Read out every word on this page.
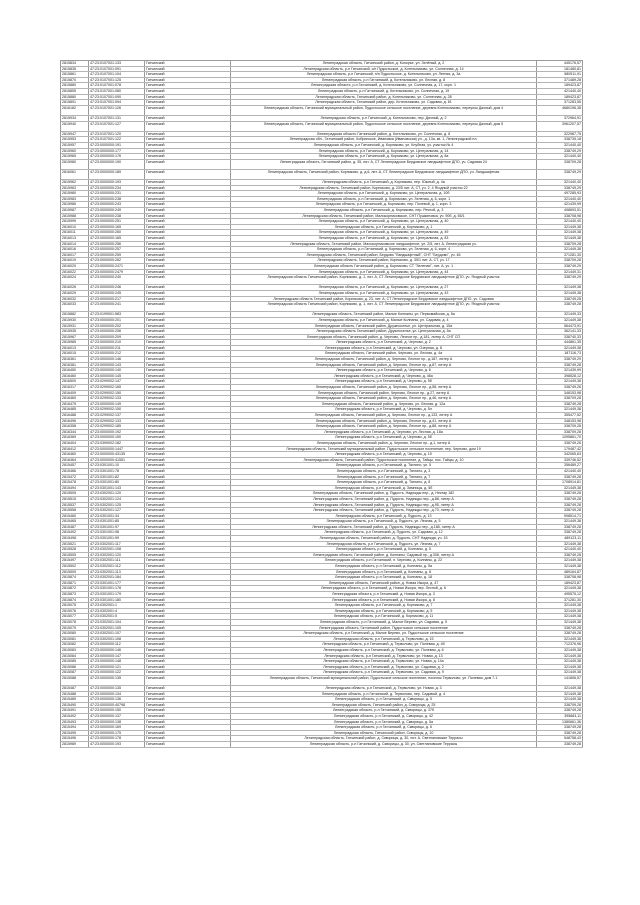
2815834	47:23:0107001:133	Гатчинский	Ленинградская область, Гатчинский район, д. Копорье, ул. Зелёный, д. 2	445176,57
2815835	47:23:0107001:091	Гатчинский	Ленинградская область, р-н Гатчинский, с/п Пудостьское, д. Котельниково, ул. Солнечная, д. 14	181480,81
2815861	47:23:0107001:104	Гатчинский	Ленинградская область, р-н Гатчинский, п/п Пудостьское, д. Котельниково, ул. Летняя, д. 3а	580511,91
2815870	47:23:0107001:125	Гатчинский	Ленинградская область, р-н Гатчинский, д. Котельниково, ул. Лесная, д. 8	371489,28
2815880	47:23:0107001:078	Гатчинский	Ленинградская область, р-н Гатчинский, д. Котельниково, ул. Солнечная, д. 17, корп. 1	189423,87
2815855	47:23:0107001:080	Гатчинский	Ленинградская область, р-н Гатчинский, д. Котельниково, ул. Солнечная, д. 19	421440,40
2815880	47:23:0107001:090	Гатчинский	Ленинградская область, Гатчинский район, д. Котельниково, ул. Солнечная, д. 28	189423,87
2815891	47:23:0107001:094	Гатчинский	Ленинградская область, Гатчинский район, дер. Котельниково, ул. Садовая, д. 61	371283,55
2816182	47:23:0107001:126	Гатчинский	Ленинградская область, Гатчинский муниципальный район, Пудостьское сельское поселение, деревня Котельниково, переулок Дачный, дом 4	4680196,38
2815934	47:23:0107001:131	Гатчинский	Ленинградская область, р-н Гатчинский, д. Котельниково, пер. Дачный, д. 2	372964,91
2815940	47:23:0107001:127	Гатчинский	Ленинградская область, Гатчинский муниципальный район, Пудостьское сельское поселение, деревня Котельниково, переулок Дачный, дом 5	3961207,57
2815947	47:23:0107001:120	Гатчинский	Ленинградская область Гатчинский район, д. Котельниково, ул. Солнечная, д. 8	322987,75
2815953	47:23:0107001:122	Гатчинский	Ленинградская обл., Гатчинский район, Кобринское, Ивановка (Ивановская) ул., д. 13а, кв. 1, Ленинградской пл.	338739,18
2815957	47:23:0000000:191	Гатчинский	Ленинградская область, р-н Гатчинский, д. Корпиково, ул. Клубная, уч. участок № 4	321440,40
2815960	47:23:0000000:177	Гатчинский	Ленинградская область, р-н Гатчинский, д. Корпиково, ул. Центральная, д. 14	338749,29
2815965	47:23:0000000:176	Гатчинский	Ленинградская область, р-н Гатчинский, д. Корпиково, ул. Центральная, д. 8а	321440,40
2815980	47:23:0000000:190	Гатчинский	Ленинградская область, Гатчинский район, д. 35, лит. А, СТ Ленинградское Бердовское ландшафтное ДПО, уч. Садовая 24	338709,28
2816061	47:23:0000000:189	Гатчинский	Ленинградская область, Гатчинский район, Корпиково, д. д.6, лит. А, СТ Ленинградское Бердовское ландшафтное ДПО, уч. Ландшафтная	338749,29
2815962	47:23:0000000:193	Гатчинский	Ленинградская область, р-н Гатчинский, д. Корпиково, пер. Южный, д. 4а	321440,40
2815963	47:23:0000000:234	Гатчинский	Ленинградская область, Гатчинский район, Корпиково, д. 23/5 лит. А, СТ, уч. 2, 4 Ягодный участок 22	338749,29
2815980	47:23:0000000:231	Гатчинский	Ленинградская область, р-н Гатчинский, д. Корпиково, ул. Центральная, д. 10б	497285,93
2815983	47:23:0000000:238	Гатчинский	Ленинградская область, р-н Гатчинский, д. Корпиково, ул. Зеленая, д. 6, корп. 1	321440,40
2815985	47:23:0000000:243	Гатчинский	Ленинградская область, р-н Гатчинский, д. Корпиково, пер. Полевой, д. 1, корп. 3	421439,99
2815987	47:23:0000000:249	Гатчинский	Ленинградская область, р-н Гатчинский, д. Корпиково, пер. Речной, д. 3	498693,51
2815988	47:23:0000000:238	Гатчинский	Ленинградская область, Гатчинский район, Малокорпиковское, СНТ Пушкиновка, уч. 90б, д. 65/1	338708,98
2815999	47:23:0000000:251	Гатчинский	Ленинградская область, р-н Гатчинский, д. Корпиково, ул. Центральная, д. 40	321440,40
2816010	47:23:0000000:165	Гатчинский	Ленинградская область, р-н Гатчинский, д. Корпиково, д. 1	321449,38
2816011	47:23:0000000:260	Гатчинский	Ленинградская область, р-н Гатчинский, д. Корпиково, ул. Центральная, д. 49	321449,38
2816013	47:23:0000000:165	Гатчинский	Ленинградская область, р-н Гатчинский, д. Корпиково, ул. Центральная, д. 83	321449,38
2816014	47:23:0000000:256	Гатчинский	Ленинградская область, Гатчинский район, Малокорпиковское ландшафтное, ул. 2/5, лит. А, Ленинградская уч.	338709,28
2816016	47:23:0000000:257	Гатчинский	Ленинградская область, р-н Гатчинский, д. Корпиково, ул. Зеленая, д. 6, корп. 4	321449,38
2816017	47:23:0000000:259	Гатчинский	Ленинградская область, Гатчинский район, Бердово "Ландшафтный", СНТ "Бердово", уч. 46	371281,30
2816019	47:23:0000000:262	Гатчинский	Ленинградская область, Гатчинский район, Корпиково, д. 35/1 лит. А, СТ, уч. 17	338709,28
2816020	47:23:0000000:2471	Гатчинский	Ленинградская область Гатчинский район, д. Корпиково, СТ "Зеленая", лит. А, уч. 1	338749,29
2816022	47:23:0000000:2479	Гатчинский	Ленинградская область, р-н Гатчинский, д. Корпиково, ул. Центральная, д. 44	321449,31
2816024	47:23:0000000:240	Гатчинский	Ленинградская область Гатчинский район, Корпиково, д. 1, лит. А, СТ Ленинградское Бердовское ландшафтное ДПО, уч. Ягодный участок	338749,29
2816026	47:23:0000000:246	Гатчинский	Ленинградская область, р-н Гатчинский, д. Корпиково, ул. Центральная, д. 27	321449,38
2816029	47:23:0000000:245	Гатчинский	Ленинградская область, р-н Гатчинский, д. Корпиково, ул. Центральная, д. 43	321449,38
2816032	47:23:0000000:217	Гатчинский	Ленинградская область Гатчинский район, Корпиково, д. 23, лит. А, СТ Ленинградское Бердовское ландшафтное ДПО, уч. Садовая	338749,28
2816033	47:23:0000000:241	Гатчинский	Ленинградская область Гатчинский район, Корпиково, д. 1, лит. А, СТ Ленинградское Бердовское ландшафтное ДПО, уч. Ягодный участок	338749,28
2815882	47:23:0199001:583	Гатчинский	Ленинградская область, Гатчинский район, Малые Колпаны, ул. Первомайская, д. 5а	321449,33
2815930	47:23:0000000:201	Гатчинский	Ленинградская область, р-н Гатчинский, д. Малые Колпаны, ул. Садовая, д. 4	321449,38
2815931	47:23:0000000:202	Гатчинский	Ленинградская область, Гатчинский район, Дружноселье, ул. Центральная, д. 15а	564473,91
2815935	47:23:0000000:206	Гатчинский	Ленинградская область Гатчинский район, Дружноселье, ул. Центральная, д. 5а	362141,33
2815967	47:23:0000000:209	Гатчинский	Ленинградская область, Гатчинский район, д. Черново, Лесное пр., д.181, литер А, СНТ СП	338740,33
2815985	47:23:0000000:210	Гатчинский	Ленинградская область, р-н Гатчинский, д. Черново, д. 2	444861,35
2816013	47:23:0000000:211	Гатчинский	Ленинградская область, р-н Гатчинский, д. Черново, ул. Озерная, д. 8	321449,38
2816015	47:23:0000000:212	Гатчинский	Ленинградская область, Гатчинский район, Черново, ул. Лесная, д. 4а	187116,73
2816361	47:23:0000000:146	Гатчинский	Ленинградская область, Гатчинский район, д. Черново, Лесное пр., д.187, литер А	338749,29
2816381	47:23:0000000:143	Гатчинский	Ленинградская область, Гатчинский район, д. Черново, Лесное пр., д.87, литер А	338749,28
2816450	47:23:0000000:140	Гатчинский	Ленинградская область, р-н Гатчинский, д. Черново, д. 6	321439,99
2816460	47:23:0000000:145	Гатчинский	Ленинградская область, р-н Гатчинский, д. Черново, д. 46а	398528,12
2816500	47:23:0299002:147	Гатчинский	Ленинградская область, р-н Гатчинский, д. Черново, д. 5б	321449,38
2816317	47:23:0299002:165	Гатчинский	Ленинградская область, Гатчинский район, д. Черново, Лесное пр., д.58, литер А	338749,26
2816409	47:23:0299002:150	Гатчинский	Ленинградская область, Гатчинский район, Черново, Лесное пр., д.27, литер А	348153,98
2816460	47:23:0299002:133	Гатчинский	Ленинградская область, Гатчинский район, д. Черново, Лесное пр., д.46, литер А	338709,28
2816479	47:23:0000000:149	Гатчинский	Ленинградская область, Гатчинский район, д. Черново, ул. Лесная, д. 12а	338749,28
2816485	47:23:0299002:150	Гатчинский	Ленинградская область, р-н Гатчинский, д. Черново, д. 5л	321449,38
2816488	47:23:0299002:137	Гатчинский	Ленинградская область, Гатчинский район, д. Черново, Лесное пр., д.133, литер А	355477,52
2816496	47:23:0299002:133	Гатчинский	Ленинградская область, Гатчинский район, д. Черново, Лесное пр., д.41, литер А	348153,98
2816358	47:23:0299002:185	Гатчинский	Ленинградская область, Гатчинский район, д. Черново, Лесное пр., д.88, литер А	338709,28
2816344	47:23:0000000:192	Гатчинский	Ленинградская область, р-н Гатчинский, д. Черново, ул. Лесная, д. 18а	338709,28
2816369	47:23:0000000:150	Гатчинский	Ленинградская область, р-н Гатчинский, д. Черново, д. 5б	1095861,70
2816404	47:23:0399002:182	Гатчинский	Ленинградская область, Гатчинский район, д. Черново, Лесное пр., д.1, литер А	338749,26
2816412	47:23:0000000:1447	Гатчинский	Ленинградская область, Гатчинский муниципальный район, Пудостьское сельское поселение, пер. Черново, дом 19	179487,42
2816460	47:23:0000000:43135	Гатчинский	Ленинградская область, р-н Гатчинский, д. Черново, д. 15	342065,63
2816464	47:23:0000000:41551	Гатчинский	Ленинградская область, Гатчинский район, Пудостьское поселение, д. Тайцы, пос. Тайцы, д. 10	339746,52
2815457	47:23:0301001:10	Гатчинский	Ленинградская область, р-н Гатчинский, д. Тяглино, ул. 5	356489,27
2815466	47:23:0301001:78	Гатчинский	Ленинградская область, р-н Гатчинский, д. Тяглино, д. 3	421440,40
2815472	47:23:0301001:82	Гатчинский	Ленинградская область, р-н Гатчинский, д. Тяглино, д. 7	338749,28
2815478	47:23:0301001:80	Гатчинский	Ленинградская область, р-н Гатчинский, д. Тяглино, д. 8	1708914,81
2815494	47:23:0301001:143	Гатчинский	Ленинградская область, р-н Гатчинский, д. Зимницы, д. 5б	321449,38
2815505	47:23:0302001:120	Гатчинский	Ленинградская область, Гатчинский район, д. Пудость, Надежды пер., д. Нектар 182	338749,28
2815515	47:23:0302001:124	Гатчинский	Ленинградская область, Гатчинский район, д. Пудость, Надежды пер., д.88, литер А	338749,28
2815537	47:23:0302001:125	Гатчинский	Ленинградская область, Гатчинский район, д. Пудость, Надежды пер., д.95, литер А	338749,28
2815558	47:23:0302001:127	Гатчинский	Ленинградская область, Гатчинский район, д. Пудость, Надежды пер., д.70, литер А	338749,28
2815460	47:23:0301001:34	Гатчинский	Ленинградская область, р-н Гатчинский, д. Пудость, д. 13	908514,71
2815465	47:23:0301001:85	Гатчинский	Ленинградская область, р-н Гатчинский, д. Пудость, ул. Лесная, д. 5	321449,38
2815487	47:23:0301001:97	Гатчинский	Ленинградская область, Гатчинский район, д. Пудость, Надежды пер., д.168, литер А	338749,28
2815492	47:23:0301001:98	Гатчинский	Ленинградская область, р-н Гатчинский, д. Пудость, ул. Садовая, д. 12	338749,28
2815498	47:23:0301001:99	Гатчинский	Ленинградская область, Гатчинский район, д. Пудость, СНТ Надежда, уч. 15	489123,11
2815521	47:23:0302001:117	Гатчинский	Ленинградская область, р-н Гатчинский, д. Пудость, ул. Лесная, д. 7	321449,38
2815528	47:23:0302001:108	Гатчинский	Ленинградская область, р-н Гатчинский, д. Колпаны, д. 5	421440,40
2815505	47:23:0302001:120	Гатчинский	Ленинградская область, Гатчинский район, д. Колпаны, Садовый пр., д.308, литер А	338749,28
2815497	47:23:0302001:111	Гатчинский	Ленинградская область, р-н Гатчинский, п. Черново, д. Колпаны, д. 22	321449,38
2815502	47:23:0302001:112	Гатчинский	Ленинградская область, р-н Гатчинский, д. Колпаны, д. 5а	321449,38
2815509	47:23:0302001:113	Гатчинский	Ленинградская область, р-н Гатчинский, д. Колпаны, д. 8	489164,87
2815874	47:23:0302001:184	Гатчинский	Ленинградская область, р-н Гатчинский, д. Колпаны, д. 18	338708,98
2815871	47:23:0301001:177	Гатчинский	Ленинградская область, Гатчинский район, д. Новая Ижора, д. 47	189423,87
2815872	47:23:0301001:178	Гатчинский	Ленинградская область, р-н Гатчинский, д. Новая Ижора, пер. Лесной, д. 6	321449,38
2815873	47:23:0301001:179	Гатчинский	Ленинградская область, р-н Гатчинский, д. Новая Ижора, д. 3	495575,12
2815874	47:23:0301001:180	Гатчинский	Ленинградская область, р-н Гатчинский, д. Новая Ижора, д. 8	371281,30
2815075	47:23:0302001:1	Гатчинский	Ленинградская область, р-н Гатчинский, д. Корпиково, д. 7	321449,38
2815076	47:23:0302001:4	Гатчинский	Ленинградская область, р-н Гатчинский, д. Корпиково, д. 5	321449,38
2815077	47:23:0302001:5	Гатчинский	Ленинградская область, р-н Гатчинский, д. Корпиково, д. 11	321449,38
2815078	47:23:0302001:104	Гатчинский	Ленинградская область, р-н Гатчинский, д. Малое Верево, ул. Садовая, д. 5	321449,38
2815079	47:23:0302001:105	Гатчинский	Ленинградская область, Гатчинский район, Пудостьское сельское поселение	338749,28
2815080	47:23:0302001:107	Гатчинский	Ленинградская область, р-н Гатчинский, д. Малое Верево, ул. Пудостьское сельское поселение	338749,28
2815081	47:23:0302001:108	Гатчинский	Ленинградская область, р-н Гатчинский, д. Терволово, д. 15	321449,38
2815082	47:23:0000000:112	Гатчинский	Ленинградская область, р-н Гатчинский, д. Терволово, ул. Полевая, д. 4б	712376,96
2815083	47:23:0000000:146	Гатчинский	Ленинградская область, р-н Гатчинский, д. Терволово, ул. Полевая, д. 6	321449,38
2815084	47:23:0000000:147	Гатчинский	Ленинградская область, р-н Гатчинский, д. Терволово, ул. Новая, д. 13	321449,38
2815085	47:23:0000000:148	Гатчинский	Ленинградская область, р-н Гатчинский, д. Терволово, ул. Новая, д. 14а	321449,38
2815086	47:23:0000000:121	Гатчинский	Ленинградская область, р-н Гатчинский, д. Терволово, ул. Садовая, д. 2	321449,38
2815087	47:23:0000000:122	Гатчинский	Ленинградская область, р-н Гатчинский, д. Терволово, ул. Садовая, д. 9	321449,38
2815088	47:23:0000000:135	Гатчинский	Ленинградская область, Гатчинский муниципальный район, Пудостьское сельское поселение, поселок Терволово, ул. Полевая, дом 7-1	141806,57
2815487	47:23:0000000:135	Гатчинский	Ленинградская область, р-н Гатчинский, д. Терволово, ул. Новая, д. 3	321449,38
2815488	47:23:0000000:134	Гатчинский	Ленинградская область, р-н Гатчинский, д. Терволово, пер. Садовый, д. 4	321449,38
2815489	47:23:0000000:136	Гатчинский	Ленинградская область, р-н Гатчинский, д. Скворицы, д. 5	321449,38
2815490	47:23:0000000:40798	Гатчинский	Ленинградская область, Гатчинский район, д. Скворицы, д. 25	338709,28
2815491	47:23:0000000:150	Гатчинский	Ленинградская область, р-н Гатчинский, д. Скворицы, д. 37б	338749,28
2815492	47:23:0000000:137	Гатчинский	Ленинградская область, р-н Гатчинский, д. Скворицы, д. 42	395683,11
2815493	47:23:0000000:138	Гатчинский	Ленинградская область, р-н Гатчинский, д. Скворицы, д. 5а	1380661,36
2815494	47:23:0000000:169	Гатчинский	Ленинградская область, р-н Гатчинский, д. Скворицы, д. 6	338749,28
2815495	47:23:0000000:175	Гатчинский	Ленинградская область, Гатчинский район, Скворицы, д. 10	338749,28
2815496	47:23:0000000:178	Гатчинский	Ленинградская область, Гатчинский район, д. Скворицы, д. 30, лит. А, Светлановские Террасы	548758,43
2815989	47:23:0000000:193	Гатчинский	Ленинградская область, р-н Гатчинский, д. Скворицы, д. 30, ул. Светлановские Террасы	338749,28
